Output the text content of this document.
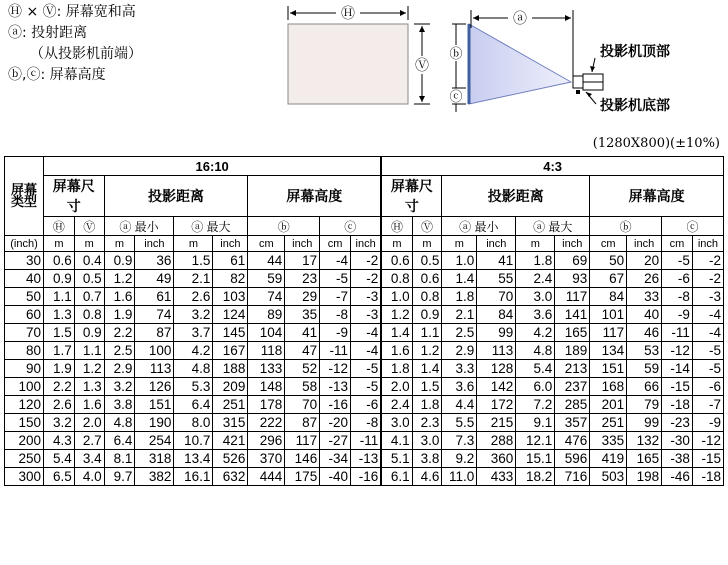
Ⓗ × Ⓥ: 屏幕宽和高
ⓐ: 投射距离
（从投影机前端）
ⓑ,ⓒ: 屏幕高度
Ⓗ
Ⓥ
ⓑ
ⓒ
ⓐ
投影机顶部
投影机底部
(1280X800)(±10%)
屏幕类型	16:10										4:3									
	屏幕尺寸		投影距离				屏幕高度				屏幕尺寸		投影距离				屏幕高度			
	Ⓗ	Ⓥ	ⓐ 最小		ⓐ 最大		ⓑ		ⓒ		Ⓗ	Ⓥ	ⓐ 最小		ⓐ 最大		ⓑ		ⓒ	
(inch)	m	m	m	inch	m	inch	cm	inch	cm	inch	m	m	m	inch	m	inch	cm	inch	cm	inch
30	0.6	0.4	0.9	36	1.5	61	44	17	-4	-2	0.6	0.5	1.0	41	1.8	69	50	20	-5	-2
40	0.9	0.5	1.2	49	2.1	82	59	23	-5	-2	0.8	0.6	1.4	55	2.4	93	67	26	-6	-2
50	1.1	0.7	1.6	61	2.6	103	74	29	-7	-3	1.0	0.8	1.8	70	3.0	117	84	33	-8	-3
60	1.3	0.8	1.9	74	3.2	124	89	35	-8	-3	1.2	0.9	2.1	84	3.6	141	101	40	-9	-4
70	1.5	0.9	2.2	87	3.7	145	104	41	-9	-4	1.4	1.1	2.5	99	4.2	165	117	46	-11	-4
80	1.7	1.1	2.5	100	4.2	167	118	47	-11	-4	1.6	1.2	2.9	113	4.8	189	134	53	-12	-5
90	1.9	1.2	2.9	113	4.8	188	133	52	-12	-5	1.8	1.4	3.3	128	5.4	213	151	59	-14	-5
100	2.2	1.3	3.2	126	5.3	209	148	58	-13	-5	2.0	1.5	3.6	142	6.0	237	168	66	-15	-6
120	2.6	1.6	3.8	151	6.4	251	178	70	-16	-6	2.4	1.8	4.4	172	7.2	285	201	79	-18	-7
150	3.2	2.0	4.8	190	8.0	315	222	87	-20	-8	3.0	2.3	5.5	215	9.1	357	251	99	-23	-9
200	4.3	2.7	6.4	254	10.7	421	296	117	-27	-11	4.1	3.0	7.3	288	12.1	476	335	132	-30	-12
250	5.4	3.4	8.1	318	13.4	526	370	146	-34	-13	5.1	3.8	9.2	360	15.1	596	419	165	-38	-15
300	6.5	4.0	9.7	382	16.1	632	444	175	-40	-16	6.1	4.6	11.0	433	18.2	716	503	198	-46	-18
